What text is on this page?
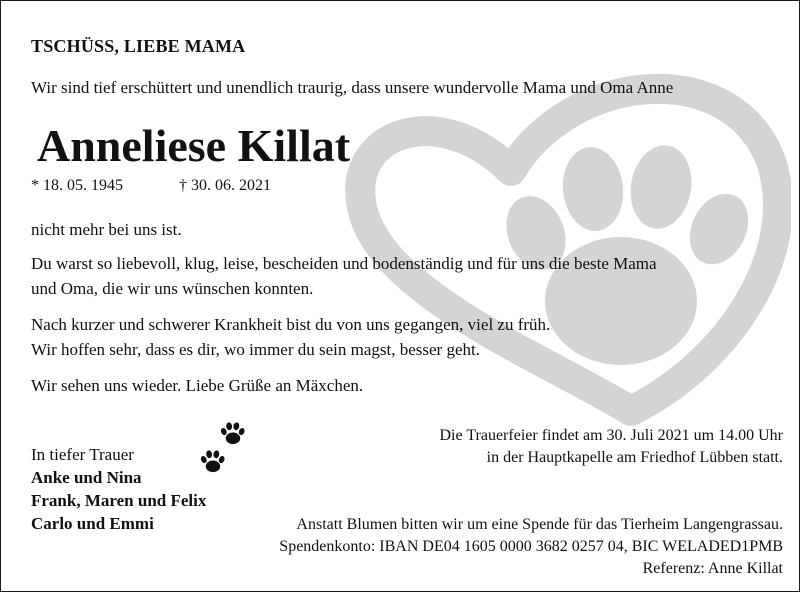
TSCHÜSS, LIEBE MAMA

Wir sind tief erschüttert und unendlich traurig, dass unsere wundervolle Mama und Oma Anne

Anneliese Killat
* 18. 05. 1945	† 30. 06. 2021

nicht mehr bei uns ist.

Du warst so liebevoll, klug, leise, bescheiden und bodenständig und für uns die beste Mama
und Oma, die wir uns wünschen konnten.

Nach kurzer und schwerer Krankheit bist du von uns gegangen, viel zu früh.
Wir hoffen sehr, dass es dir, wo immer du sein magst, besser geht.

Wir sehen uns wieder. Liebe Grüße an Mäxchen.

In tiefer Trauer
Anke und Nina
Frank, Maren und Felix
Carlo und Emmi
Die Trauerfeier findet am 30. Juli 2021 um 14.00 Uhr
in der Hauptkapelle am Friedhof Lübben statt.
Anstatt Blumen bitten wir um eine Spende für das Tierheim Langengrassau.
Spendenkonto: IBAN DE04 1605 0000 3682 0257 04, BIC WELADED1PMB
Referenz: Anne Killat
